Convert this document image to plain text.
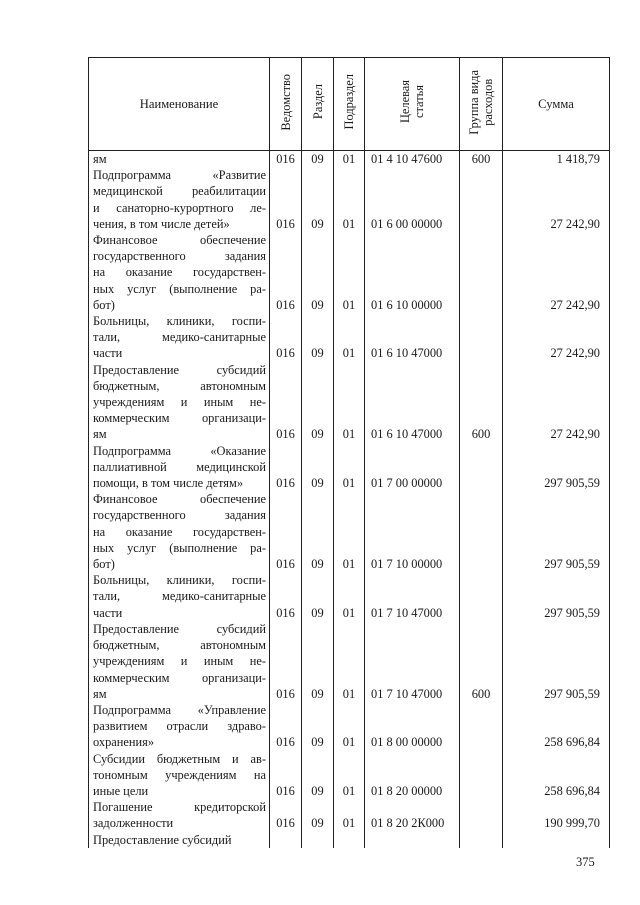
Наименование	Ведомство	Раздел	Подраздел	Целевая
статья	Группа вида
расходов	Сумма

ям	016	09	01	01 4 10 47600	600	1 418,79

Подпрограмма «Развитие
медицинской реабилитации
и санаторно-курортного ле-
чения, в том числе детей»	016	09	01	01 6 00 00000		27 242,90

Финансовое обеспечение
государственного задания
на оказание государствен-
ных услуг (выполнение ра-
бот)	016	09	01	01 6 10 00000		27 242,90

Больницы, клиники, госпи-
тали, медико-санитарные
части	016	09	01	01 6 10 47000		27 242,90

Предоставление субсидий
бюджетным, автономным
учреждениям и иным не-
коммерческим организаци-
ям	016	09	01	01 6 10 47000	600	27 242,90

Подпрограмма «Оказание
паллиативной медицинской
помощи, в том числе детям»	016	09	01	01 7 00 00000		297 905,59

Финансовое обеспечение
государственного задания
на оказание государствен-
ных услуг (выполнение ра-
бот)	016	09	01	01 7 10 00000		297 905,59

Больницы, клиники, госпи-
тали, медико-санитарные
части	016	09	01	01 7 10 47000		297 905,59

Предоставление субсидий
бюджетным, автономным
учреждениям и иным не-
коммерческим организаци-
ям	016	09	01	01 7 10 47000	600	297 905,59

Подпрограмма «Управление
развитием отрасли здраво-
охранения»	016	09	01	01 8 00 00000		258 696,84

Субсидии бюджетным и ав-
тономным учреждениям на
иные цели	016	09	01	01 8 20 00000		258 696,84

Погашение кредиторской
задолженности	016	09	01	01 8 20 2К000		190 999,70

Предоставление субсидий						

375
